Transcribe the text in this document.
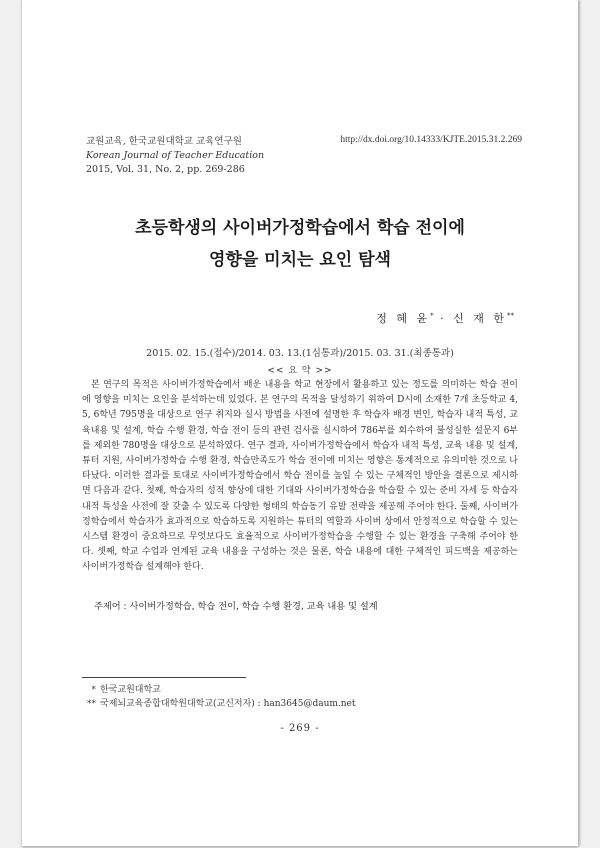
교원교육, 한국교원대학교 교육연구원
Korean Journal of Teacher Education
2015, Vol. 31, No. 2, pp. 269-286
http://dx.doi.org/10.14333/KJTE.2015.31.2.269
초등학생의 사이버가정학습에서 학습 전이에
영향을 미치는 요인 탐색
정 혜 윤* · 신 재 한**
2015. 02. 15.(접수)/2014. 03. 13.(1심통과)/2015. 03. 31.(최종통과)
<< 요 약 >>

본 연구의 목적은 사이버가정학습에서 배운 내용을 학교 현장에서 활용하고 있는 정도를 의미하는 학습 전이에 영향을 미치는 요인을 분석하는데 있었다. 본 연구의 목적을 달성하기 위하여 D시에 소재한 7개 초등학교 4, 5, 6학년 795명을 대상으로 연구 취지와 실시 방법을 사전에 설명한 후 학습자 배경 변인, 학습자 내적 특성, 교육내용 및 설계, 학습 수행 환경, 학습 전이 등의 관련 검사를 실시하여 786부를 회수하여 불성실한 설문지 6부를 제외한 780명을 대상으로 분석하였다. 연구 결과, 사이버가정학습에서 학습자 내적 특성, 교육 내용 및 설계, 튜터 지원, 사이버가정학습 수행 환경, 학습만족도가 학습 전이에 미치는 영향은 통계적으로 유의미한 것으로 나타났다. 이러한 결과를 토대로 사이버가정학습에서 학습 전이를 높일 수 있는 구체적인 방안을 결론으로 제시하면 다음과 같다. 첫째, 학습자의 성적 향상에 대한 기대와 사이버가정학습을 학습할 수 있는 준비 자세 등 학습자 내적 특성을 사전에 잘 갖출 수 있도록 다양한 형태의 학습동기 유발 전략을 제공해 주어야 한다. 둘째, 사이버가정학습에서 학습자가 효과적으로 학습하도록 지원하는 튜터의 역할과 사이버 상에서 안정적으로 학습할 수 있는 시스템 환경이 중요하므로 무엇보다도 효율적으로 사이버가정학습을 수행할 수 있는 환경을 구축해 주어야 한다. 셋째, 학교 수업과 연계된 교육 내용을 구성하는 것은 물론, 학습 내용에 대한 구체적인 피드백을 제공하는 사이버가정학습 설계해야 한다.

주제어 : 사이버가정학습, 학습 전이, 학습 수행 환경, 교육 내용 및 설계
* 한국교원대학교
** 국제뇌교육종합대학원대학교(교신저자) : han3645@daum.net
- 269 -
